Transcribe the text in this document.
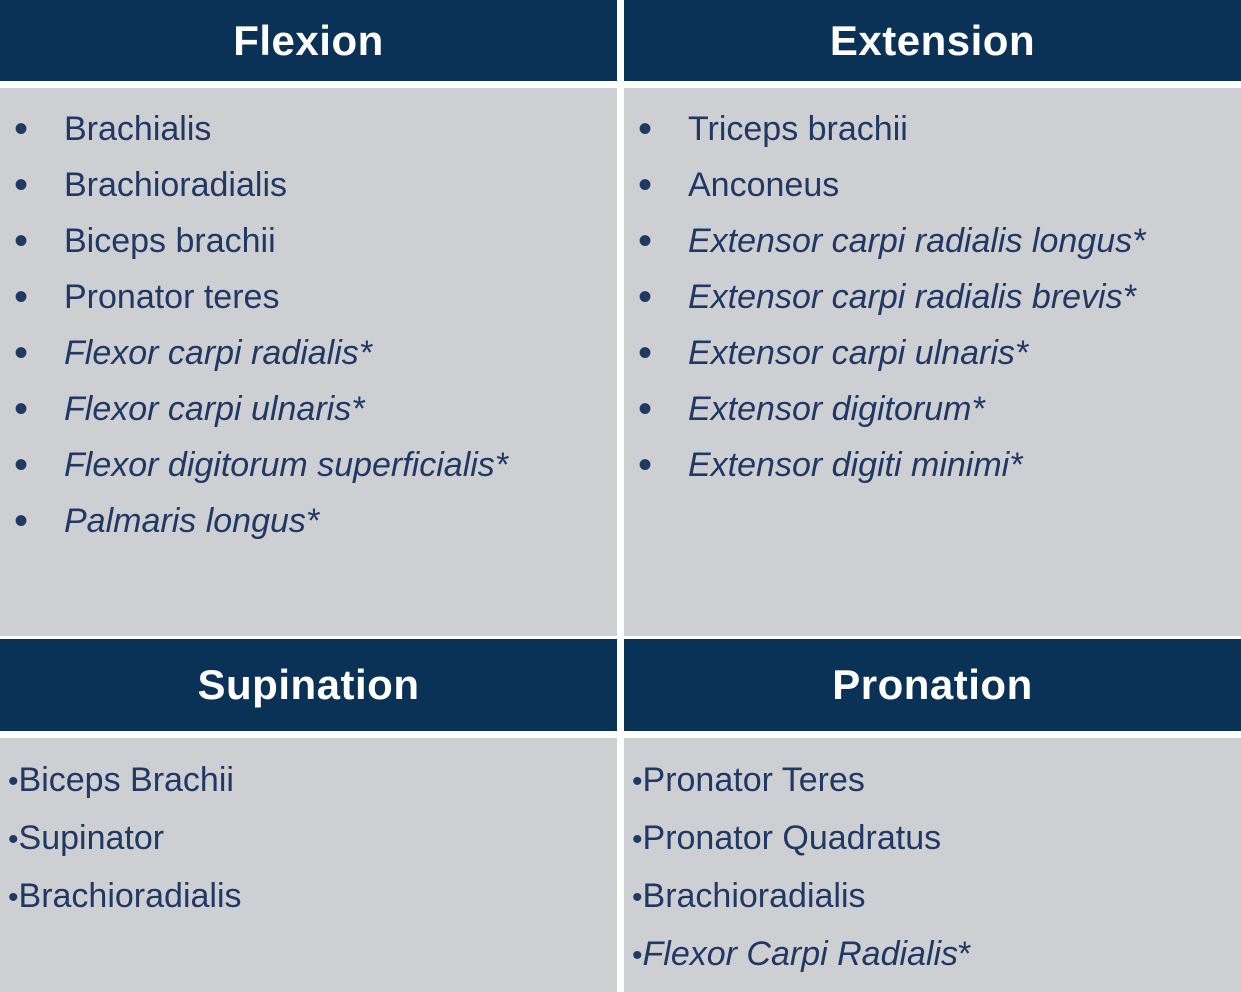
Flexion	Extension
• Brachialis
• Brachioradialis
• Biceps brachii
• Pronator teres
• Flexor carpi radialis*
• Flexor carpi ulnaris*
• Flexor digitorum superficialis*
• Palmaris longus*
• Triceps brachii
• Anconeus
• Extensor carpi radialis longus*
• Extensor carpi radialis brevis*
• Extensor carpi ulnaris*
• Extensor digitorum*
• Extensor digiti minimi*
Supination	Pronation
•Biceps Brachii
•Supinator
•Brachioradialis
•Pronator Teres
•Pronator Quadratus
•Brachioradialis
•Flexor Carpi Radialis*
